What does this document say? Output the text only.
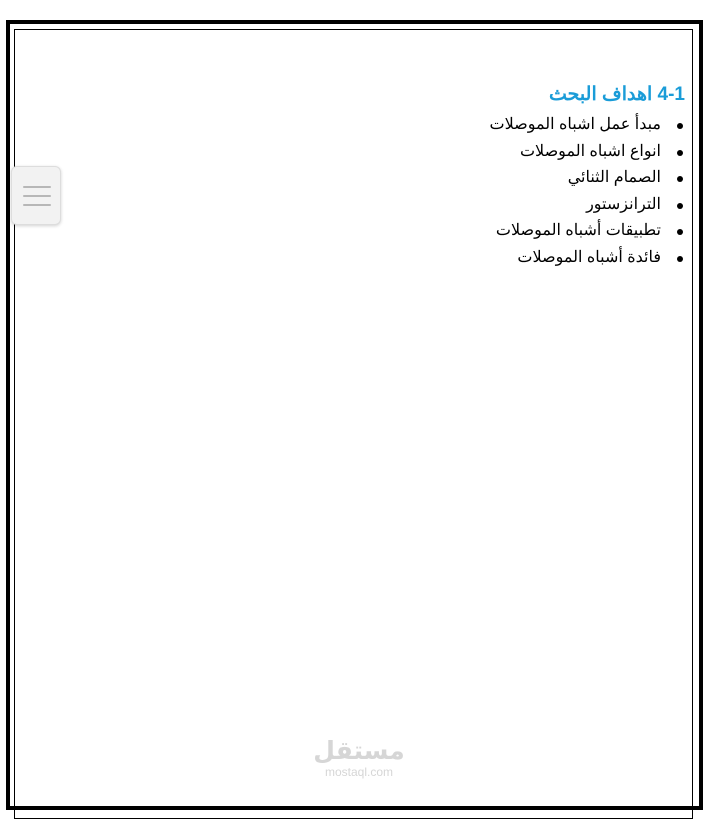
4-1 اهداف البحث
مبدأ عمل اشباه الموصلات
انواع اشباه الموصلات
الصمام الثنائي
الترانزستور
تطبيقات أشباه الموصلات
فائدة أشباه الموصلات
مستقل
mostaql.com
